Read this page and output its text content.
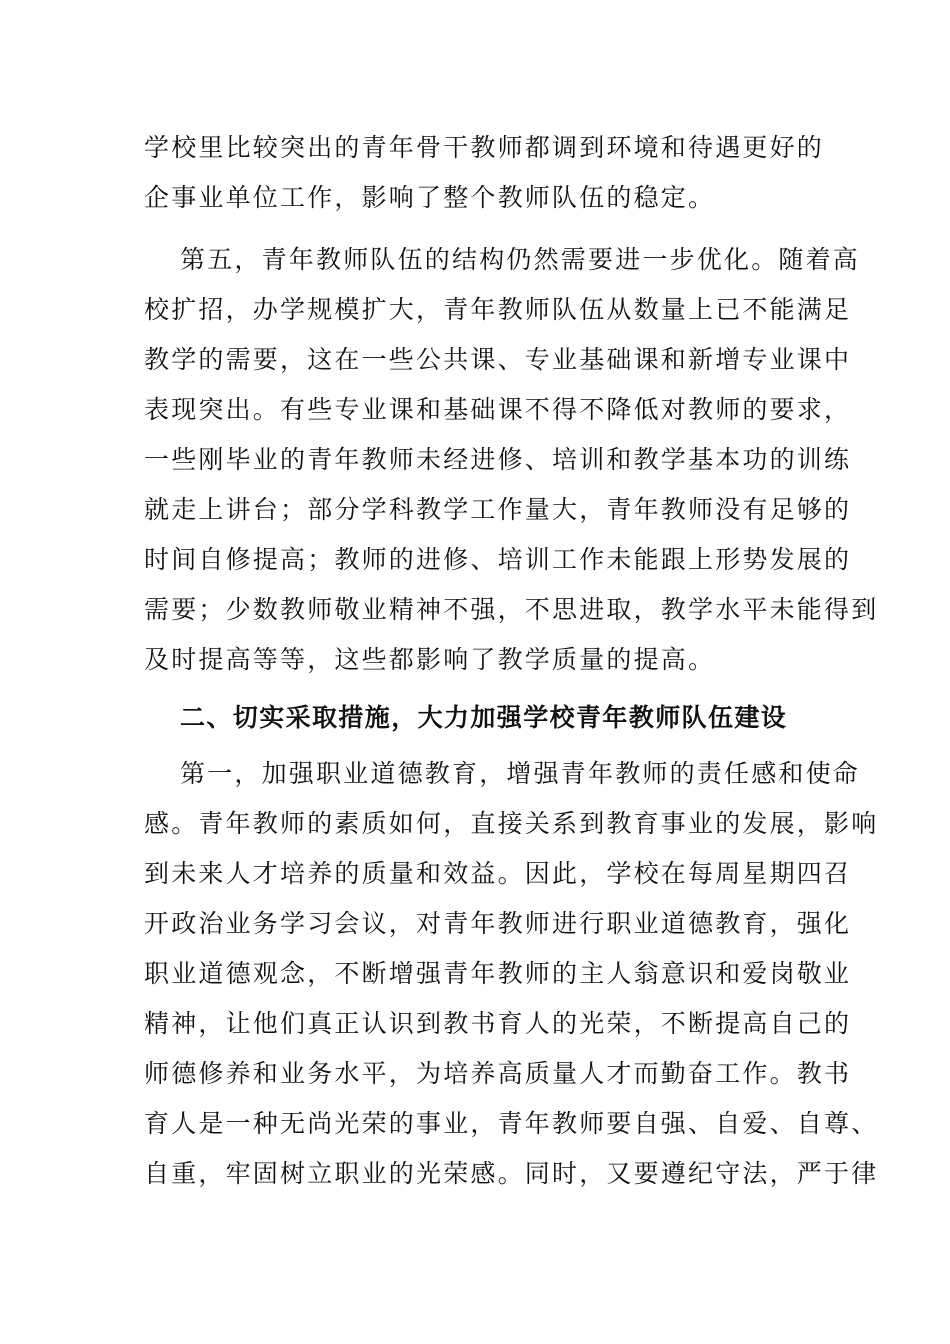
学校里比较突出的青年骨干教师都调到环境和待遇更好的

企事业单位工作，影响了整个教师队伍的稳定。

第五，青年教师队伍的结构仍然需要进一步优化。随着高

校扩招，办学规模扩大，青年教师队伍从数量上已不能满足

教学的需要，这在一些公共课、专业基础课和新增专业课中

表现突出。有些专业课和基础课不得不降低对教师的要求，

一些刚毕业的青年教师未经进修、培训和教学基本功的训练

就走上讲台；部分学科教学工作量大，青年教师没有足够的

时间自修提高；教师的进修、培训工作未能跟上形势发展的

需要；少数教师敬业精神不强，不思进取，教学水平未能得到

及时提高等等，这些都影响了教学质量的提高。

二、切实采取措施，大力加强学校青年教师队伍建设

第一，加强职业道德教育，增强青年教师的责任感和使命

感。青年教师的素质如何，直接关系到教育事业的发展，影响

到未来人才培养的质量和效益。因此，学校在每周星期四召

开政治业务学习会议，对青年教师进行职业道德教育，强化

职业道德观念，不断增强青年教师的主人翁意识和爱岗敬业

精神，让他们真正认识到教书育人的光荣，不断提高自己的

师德修养和业务水平，为培养高质量人才而勤奋工作。教书

育人是一种无尚光荣的事业，青年教师要自强、自爱、自尊、

自重，牢固树立职业的光荣感。同时，又要遵纪守法，严于律
